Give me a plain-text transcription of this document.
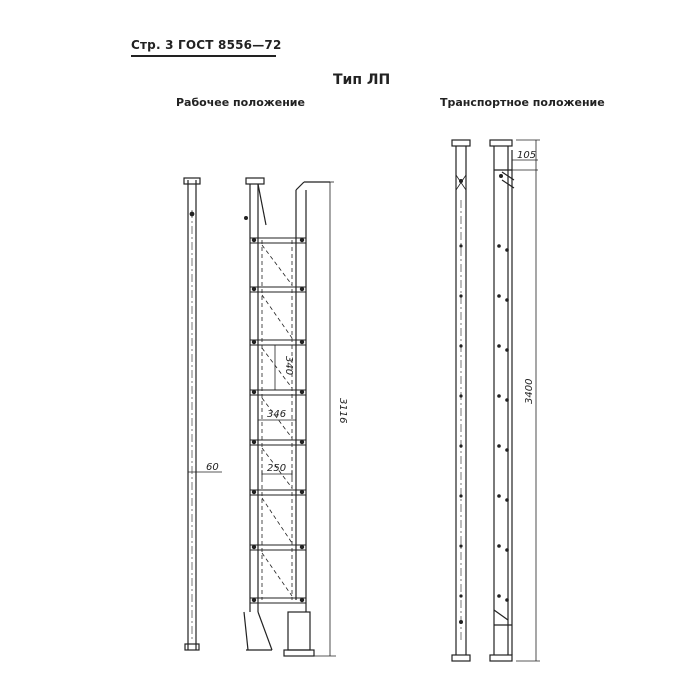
Стр. 3 ГОСТ 8556—72
Тип ЛП
Рабочее положение	Транспортное положение
60
340
346
250
3116
105
3400
